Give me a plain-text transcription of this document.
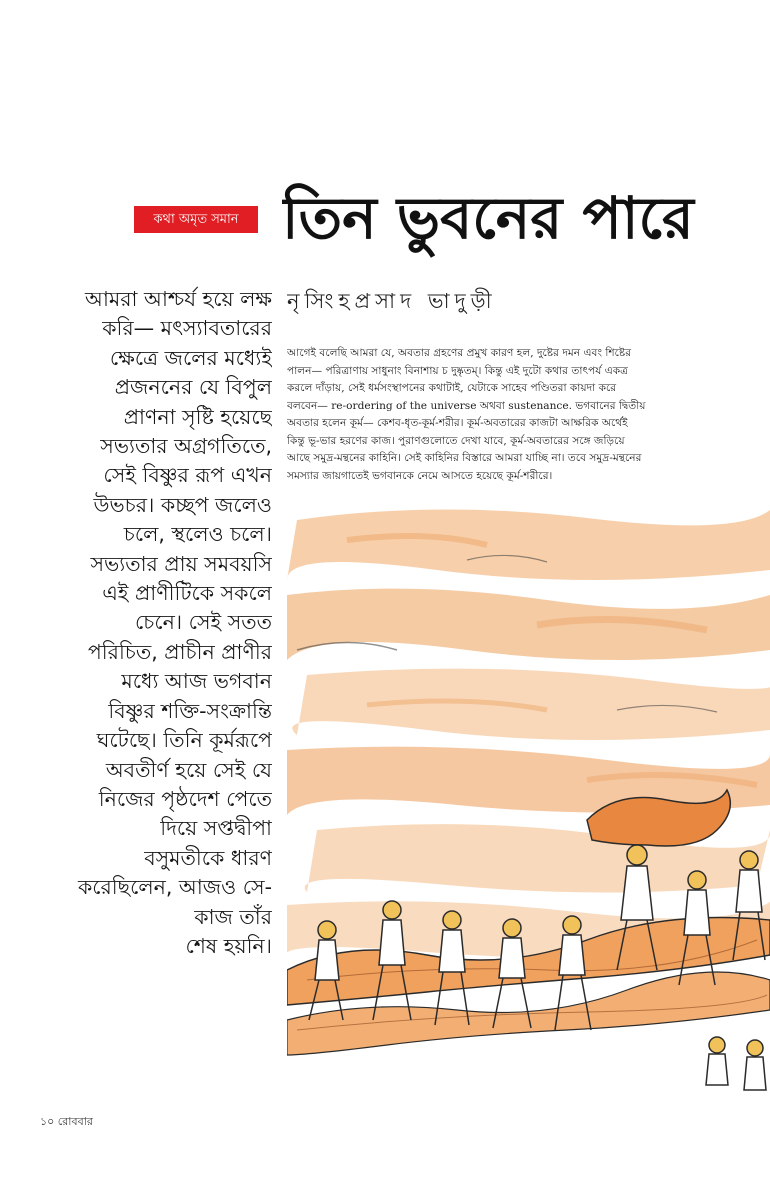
কথা অমৃত সমান তিন ভুবনের পারে
নৃসিংহপ্রসাদ ভাদুড়ী
আমরা আশ্চর্য হয়ে লক্ষ
করি— মৎস্যাবতারের
ক্ষেত্রে জলের মধ্যেই
প্রজননের যে বিপুল
প্রাণনা সৃষ্টি হয়েছে
সভ্যতার অগ্রগতিতে,
সেই বিষ্ণুর রূপ এখন
উভচর। কচ্ছপ জলেও
চলে, স্থলেও চলে।
সভ্যতার প্রায় সমবয়সি
এই প্রাণীটিকে সকলে
চেনে। সেই সতত
পরিচিত, প্রাচীন প্রাণীর
মধ্যে আজ ভগবান
বিষ্ণুর শক্তি-সংক্রান্তি
ঘটেছে। তিনি কূর্মরূপে
অবতীর্ণ হয়ে সেই যে
নিজের পৃষ্ঠদেশ পেতে
দিয়ে সপ্তদ্বীপা
বসুমতীকে ধারণ
করেছিলেন, আজও সে-
কাজ তাঁর
শেষ হয়নি।
আগেই বলেছি আমরা যে, অবতার গ্রহণের প্রমুখ কারণ হল, দুষ্টের দমন এবং শিষ্টের
পালন— পরিত্রাণায় সাধুনাং বিনাশায় চ দুষ্কৃতম্। কিন্তু এই দুটো কথার তাৎপর্য একত্র
করলে দাঁড়ায়, সেই ধর্মসংস্থাপনের কথাটাই, যেটাকে সাহেব পণ্ডিতরা কায়দা করে
বলবেন— re-ordering of the universe অথবা sustenance. ভগবানের দ্বিতীয়
অবতার হলেন কূর্ম— কেশব-ধৃত-কূর্ম-শরীর। কূর্ম-অবতারের কাজটা আক্ষরিক অর্থেই
কিন্তু ভূ-ভার হরণের কাজ। পুরাণগুলোতে দেখা যাবে, কূর্ম-অবতারের সঙ্গে জড়িয়ে
আছে সমুদ্র-মন্থনের কাহিনি। সেই কাহিনির বিস্তারে আমরা যাচ্ছি না। তবে সমুদ্র-মন্থনের
সমস্যার জায়গাতেই ভগবানকে নেমে আসতে হয়েছে কূর্ম-শরীরে।
১০ রোববার
